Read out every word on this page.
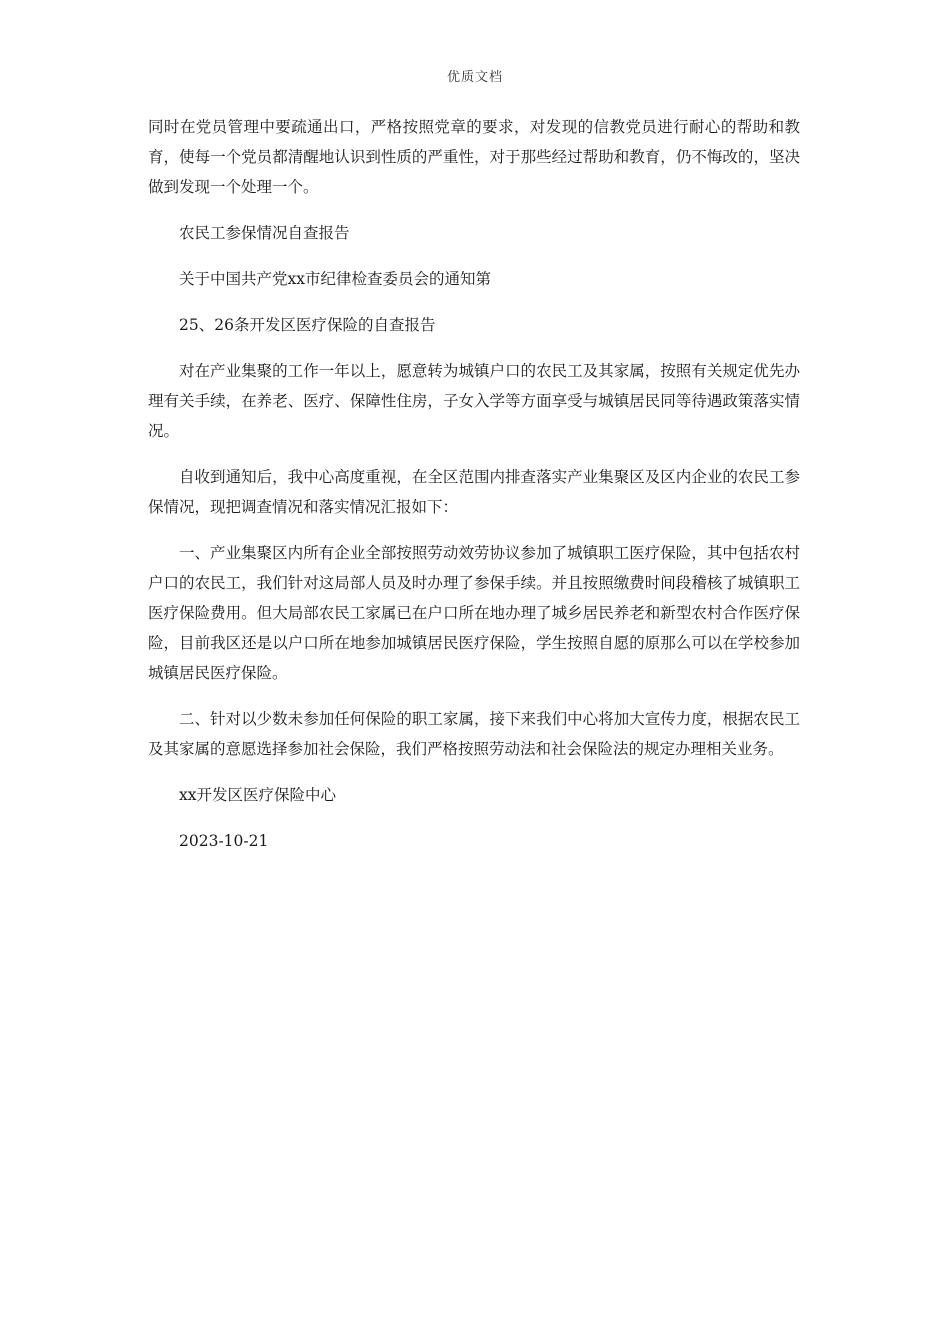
优质文档

同时在党员管理中要疏通出口，严格按照党章的要求，对发现的信教党员进行耐心的帮助和教育，使每一个党员都清醒地认识到性质的严重性，对于那些经过帮助和教育，仍不悔改的，坚决做到发现一个处理一个。

农民工参保情况自查报告

关于中国共产党xx市纪律检查委员会的通知第

25、26条开发区医疗保险的自查报告

对在产业集聚的工作一年以上，愿意转为城镇户口的农民工及其家属，按照有关规定优先办理有关手续，在养老、医疗、保障性住房，子女入学等方面享受与城镇居民同等待遇政策落实情况。

自收到通知后，我中心高度重视，在全区范围内排查落实产业集聚区及区内企业的农民工参保情况，现把调查情况和落实情况汇报如下：

一、产业集聚区内所有企业全部按照劳动效劳协议参加了城镇职工医疗保险，其中包括农村户口的农民工，我们针对这局部人员及时办理了参保手续。并且按照缴费时间段稽核了城镇职工医疗保险费用。但大局部农民工家属已在户口所在地办理了城乡居民养老和新型农村合作医疗保险，目前我区还是以户口所在地参加城镇居民医疗保险，学生按照自愿的原那么可以在学校参加城镇居民医疗保险。

二、针对以少数未参加任何保险的职工家属，接下来我们中心将加大宣传力度，根据农民工及其家属的意愿选择参加社会保险，我们严格按照劳动法和社会保险法的规定办理相关业务。

xx开发区医疗保险中心

2023-10-21
